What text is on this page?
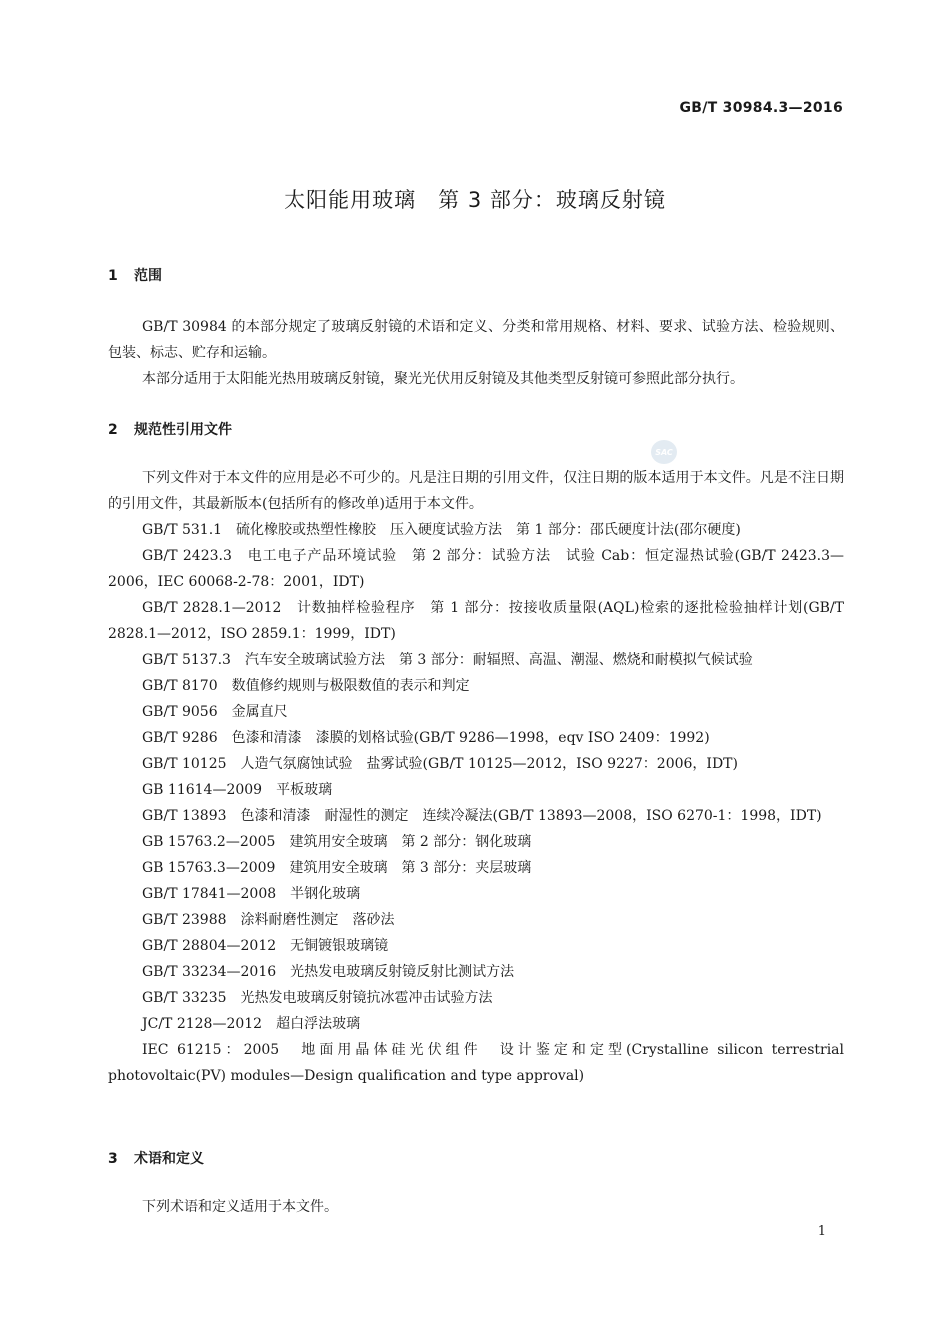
GB/T 30984.3—2016
太阳能用玻璃　第 3 部分：玻璃反射镜
1 范围
GB/T 30984 的本部分规定了玻璃反射镜的术语和定义、分类和常用规格、材料、要求、试验方法、检验规则、包装、标志、贮存和运输。
本部分适用于太阳能光热用玻璃反射镜，聚光光伏用反射镜及其他类型反射镜可参照此部分执行。
2 规范性引用文件
SAC
下列文件对于本文件的应用是必不可少的。凡是注日期的引用文件，仅注日期的版本适用于本文件。凡是不注日期的引用文件，其最新版本(包括所有的修改单)适用于本文件。
GB/T 531.1　硫化橡胶或热塑性橡胶　压入硬度试验方法　第 1 部分：邵氏硬度计法(邵尔硬度)
GB/T 2423.3　电工电子产品环境试验　第 2 部分：试验方法　试验 Cab：恒定湿热试验(GB/T 2423.3—2006，IEC 60068-2-78：2001，IDT)
GB/T 2828.1—2012　计数抽样检验程序　第 1 部分：按接收质量限(AQL)检索的逐批检验抽样计划(GB/T 2828.1—2012，ISO 2859.1：1999，IDT)
GB/T 5137.3　汽车安全玻璃试验方法　第 3 部分：耐辐照、高温、潮湿、燃烧和耐模拟气候试验
GB/T 8170　数值修约规则与极限数值的表示和判定
GB/T 9056　金属直尺
GB/T 9286　色漆和清漆　漆膜的划格试验(GB/T 9286—1998，eqv ISO 2409：1992)
GB/T 10125　人造气氛腐蚀试验　盐雾试验(GB/T 10125—2012，ISO 9227：2006，IDT)
GB 11614—2009　平板玻璃
GB/T 13893　色漆和清漆　耐湿性的测定　连续冷凝法(GB/T 13893—2008，ISO 6270-1：1998，IDT)
GB 15763.2—2005　建筑用安全玻璃　第 2 部分：钢化玻璃
GB 15763.3—2009　建筑用安全玻璃　第 3 部分：夹层玻璃
GB/T 17841—2008　半钢化玻璃
GB/T 23988　涂料耐磨性测定　落砂法
GB/T 28804—2012　无铜镀银玻璃镜
GB/T 33234—2016　光热发电玻璃反射镜反射比测试方法
GB/T 33235　光热发电玻璃反射镜抗冰雹冲击试验方法
JC/T 2128—2012　超白浮法玻璃
IEC 61215：2005　地面用晶体硅光伏组件　设计鉴定和定型(Crystalline silicon terrestrial photovoltaic(PV) modules—Design qualification and type approval)
3 术语和定义
下列术语和定义适用于本文件。
1
